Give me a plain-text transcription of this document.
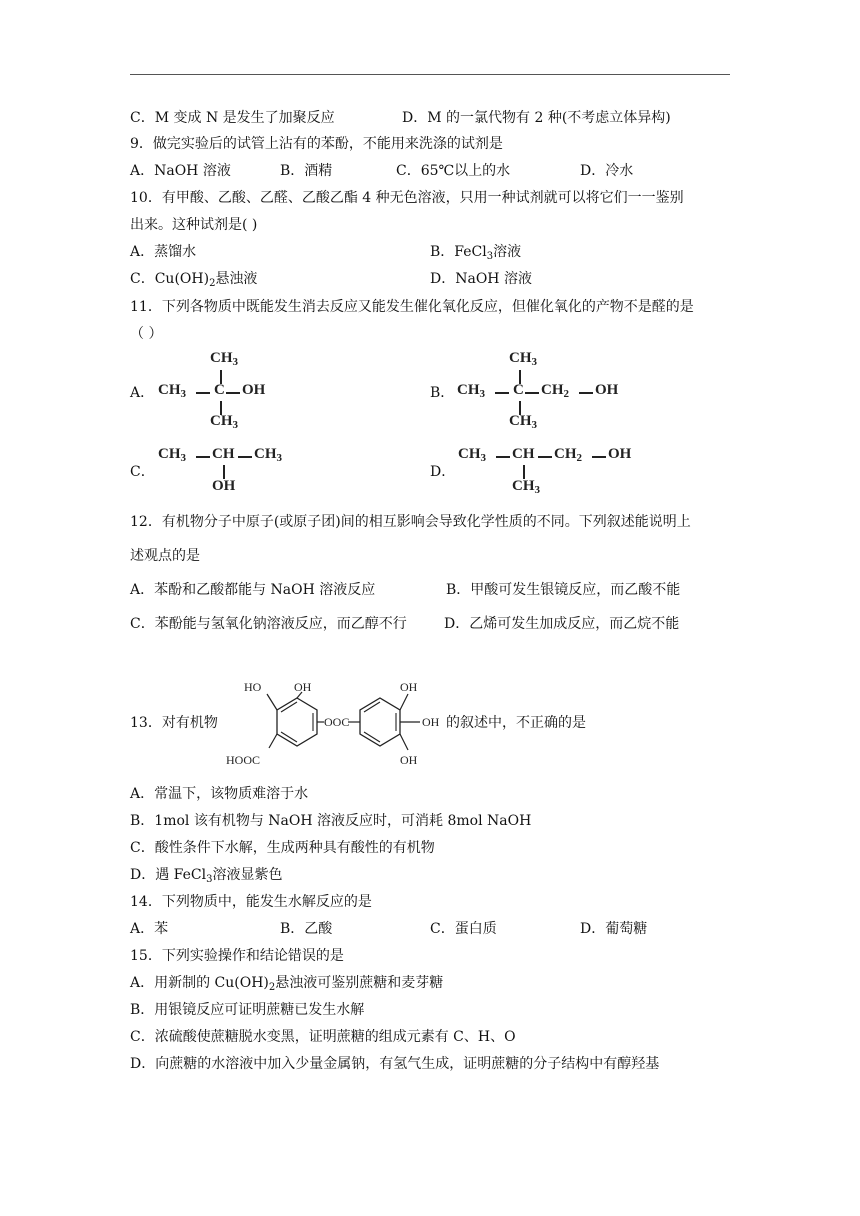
C．M 变成 N 是发生了加聚反应	D．M 的一氯代物有 2 种(不考虑立体异构)
9．做完实验后的试管上沾有的苯酚，不能用来洗涤的试剂是
A．NaOH 溶液	B．酒精	C．65℃以上的水	D．冷水
10．有甲酸、乙酸、乙醛、乙酸乙酯 4 种无色溶液，只用一种试剂就可以将它们一一鉴别
出来。这种试剂是( )
A．蒸馏水	B．FeCl$_3$溶液
C．$Cu(OH)_2$悬浊液	D．NaOH 溶液
11．下列各物质中既能发生消去反应又能发生催化氧化反应，但催化氧化的产物不是醛的是
（ ）
A．
$CH_3$
$CH_3$ C OH
$CH_3$
B．
$CH_3$
$CH_3$ C $CH_2$ OH
$CH_3$
C．
$CH_3$ CH $CH_3$
OH
D．
$CH_3$ CH $CH_2$ OH
$CH_3$
12．有机物分子中原子(或原子团)间的相互影响会导致化学性质的不同。下列叙述能说明上
述观点的是
A．苯酚和乙酸都能与 NaOH 溶液反应	B．甲酸可发生银镜反应，而乙酸不能
C．苯酚能与氢氧化钠溶液反应，而乙醇不行	D．乙烯可发生加成反应，而乙烷不能
13．对有机物
HO	OH
HOOC
OOC
OH
OH
OH
的叙述中，不正确的是
A．常温下，该物质难溶于水
B．1mol 该有机物与 NaOH 溶液反应时，可消耗 8mol NaOH
C．酸性条件下水解，生成两种具有酸性的有机物
D．遇 FeCl$_3$溶液显紫色
14．下列物质中，能发生水解反应的是
A．苯	B．乙酸	C．蛋白质	D．葡萄糖
15．下列实验操作和结论错误的是
A．用新制的 $Cu(OH)_2$悬浊液可鉴别蔗糖和麦芽糖
B．用银镜反应可证明蔗糖已发生水解
C．浓硫酸使蔗糖脱水变黑，证明蔗糖的组成元素有 C、H、O
D．向蔗糖的水溶液中加入少量金属钠，有氢气生成，证明蔗糖的分子结构中有醇羟基
